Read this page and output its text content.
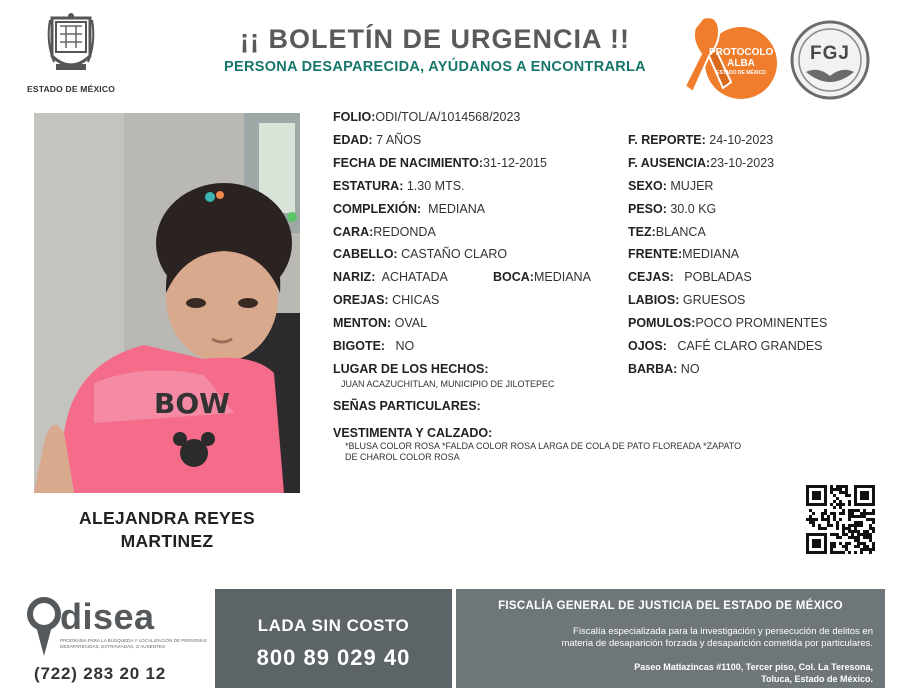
ESTADO DE MÉXICO
¡¡ BOLETÍN DE URGENCIA !!
PERSONA DESAPARECIDA, AYÚDANOS A ENCONTRARLA
PROTOCOLO
ALBA
ESTADO DE MÉXICO
FGJ
BOW
ALEJANDRA REYES
MARTINEZ
FOLIO:ODI/TOL/A/1014568/2023
EDAD: 7 AÑOS	F. REPORTE: 24-10-2023
FECHA DE NACIMIENTO:31-12-2015	F. AUSENCIA:23-10-2023
ESTATURA: 1.30 MTS.	SEXO: MUJER
COMPLEXIÓN: MEDIANA	PESO: 30.0 KG
CARA:REDONDA	TEZ:BLANCA
CABELLO: CASTAÑO CLARO	FRENTE:MEDIANA
NARIZ: ACHATADA	BOCA:MEDIANA	CEJAS: POBLADAS
OREJAS: CHICAS	LABIOS: GRUESOS
MENTON: OVAL	POMULOS:POCO PROMINENTES
BIGOTE: NO	OJOS: CAFÉ CLARO GRANDES
LUGAR DE LOS HECHOS:
JUAN ACAZUCHITLAN, MUNICIPIO DE JILOTEPEC
BARBA: NO
SEÑAS PARTICULARES:
VESTIMENTA Y CALZADO:
*BLUSA COLOR ROSA *FALDA COLOR ROSA LARGA DE COLA DE PATO FLOREADA *ZAPATO
DE CHAROL COLOR ROSA
disea
PROGRAMA PARA LA BÚSQUEDA Y LOCALIZACIÓN DE PERSONAS DESAPARECIDAS, EXTRAVIADAS, O AUSENTES
(722) 283 20 12
LADA SIN COSTO
800 89 029 40
FISCALÍA GENERAL DE JUSTICIA DEL ESTADO DE MÉXICO
Fiscalía especializada para la investigación y persecución de delitos en
materia de desaparición forzada y desaparición cometida por particulares.
Paseo Matlazincas #1100, Tercer piso, Col. La Teresona,
Toluca, Estado de México.
